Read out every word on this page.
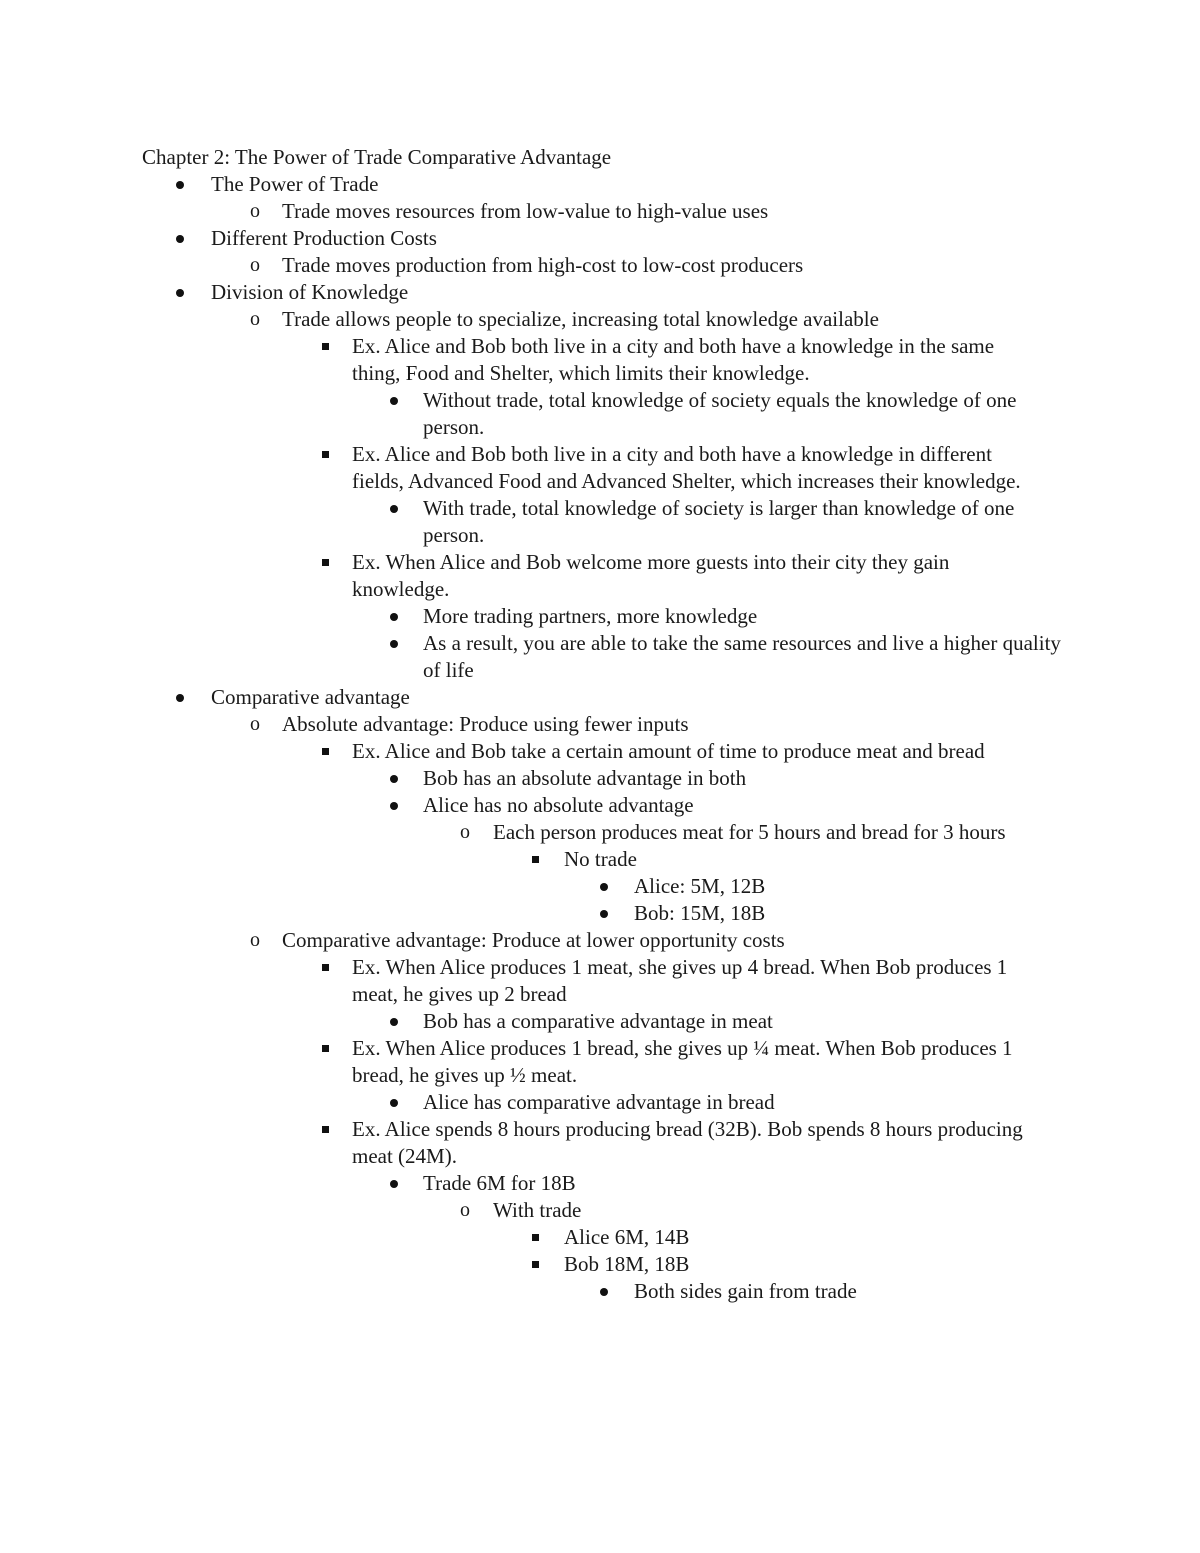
Chapter 2: The Power of Trade Comparative Advantage
The Power of Trade
o Trade moves resources from low-value to high-value uses
Different Production Costs
o Trade moves production from high-cost to low-cost producers
Division of Knowledge
o Trade allows people to specialize, increasing total knowledge available
Ex. Alice and Bob both live in a city and both have a knowledge in the same thing, Food and Shelter, which limits their knowledge.
Without trade, total knowledge of society equals the knowledge of one person.
Ex. Alice and Bob both live in a city and both have a knowledge in different fields, Advanced Food and Advanced Shelter, which increases their knowledge.
With trade, total knowledge of society is larger than knowledge of one person.
Ex. When Alice and Bob welcome more guests into their city they gain knowledge.
More trading partners, more knowledge
As a result, you are able to take the same resources and live a higher quality of life
Comparative advantage
o Absolute advantage: Produce using fewer inputs
Ex. Alice and Bob take a certain amount of time to produce meat and bread
Bob has an absolute advantage in both
Alice has no absolute advantage
o Each person produces meat for 5 hours and bread for 3 hours
No trade
Alice: 5M, 12B
Bob: 15M, 18B
o Comparative advantage: Produce at lower opportunity costs
Ex. When Alice produces 1 meat, she gives up 4 bread. When Bob produces 1 meat, he gives up 2 bread
Bob has a comparative advantage in meat
Ex. When Alice produces 1 bread, she gives up ¼ meat. When Bob produces 1 bread, he gives up ½ meat.
Alice has comparative advantage in bread
Ex. Alice spends 8 hours producing bread (32B). Bob spends 8 hours producing meat (24M).
Trade 6M for 18B
o With trade
Alice 6M, 14B
Bob 18M, 18B
Both sides gain from trade
